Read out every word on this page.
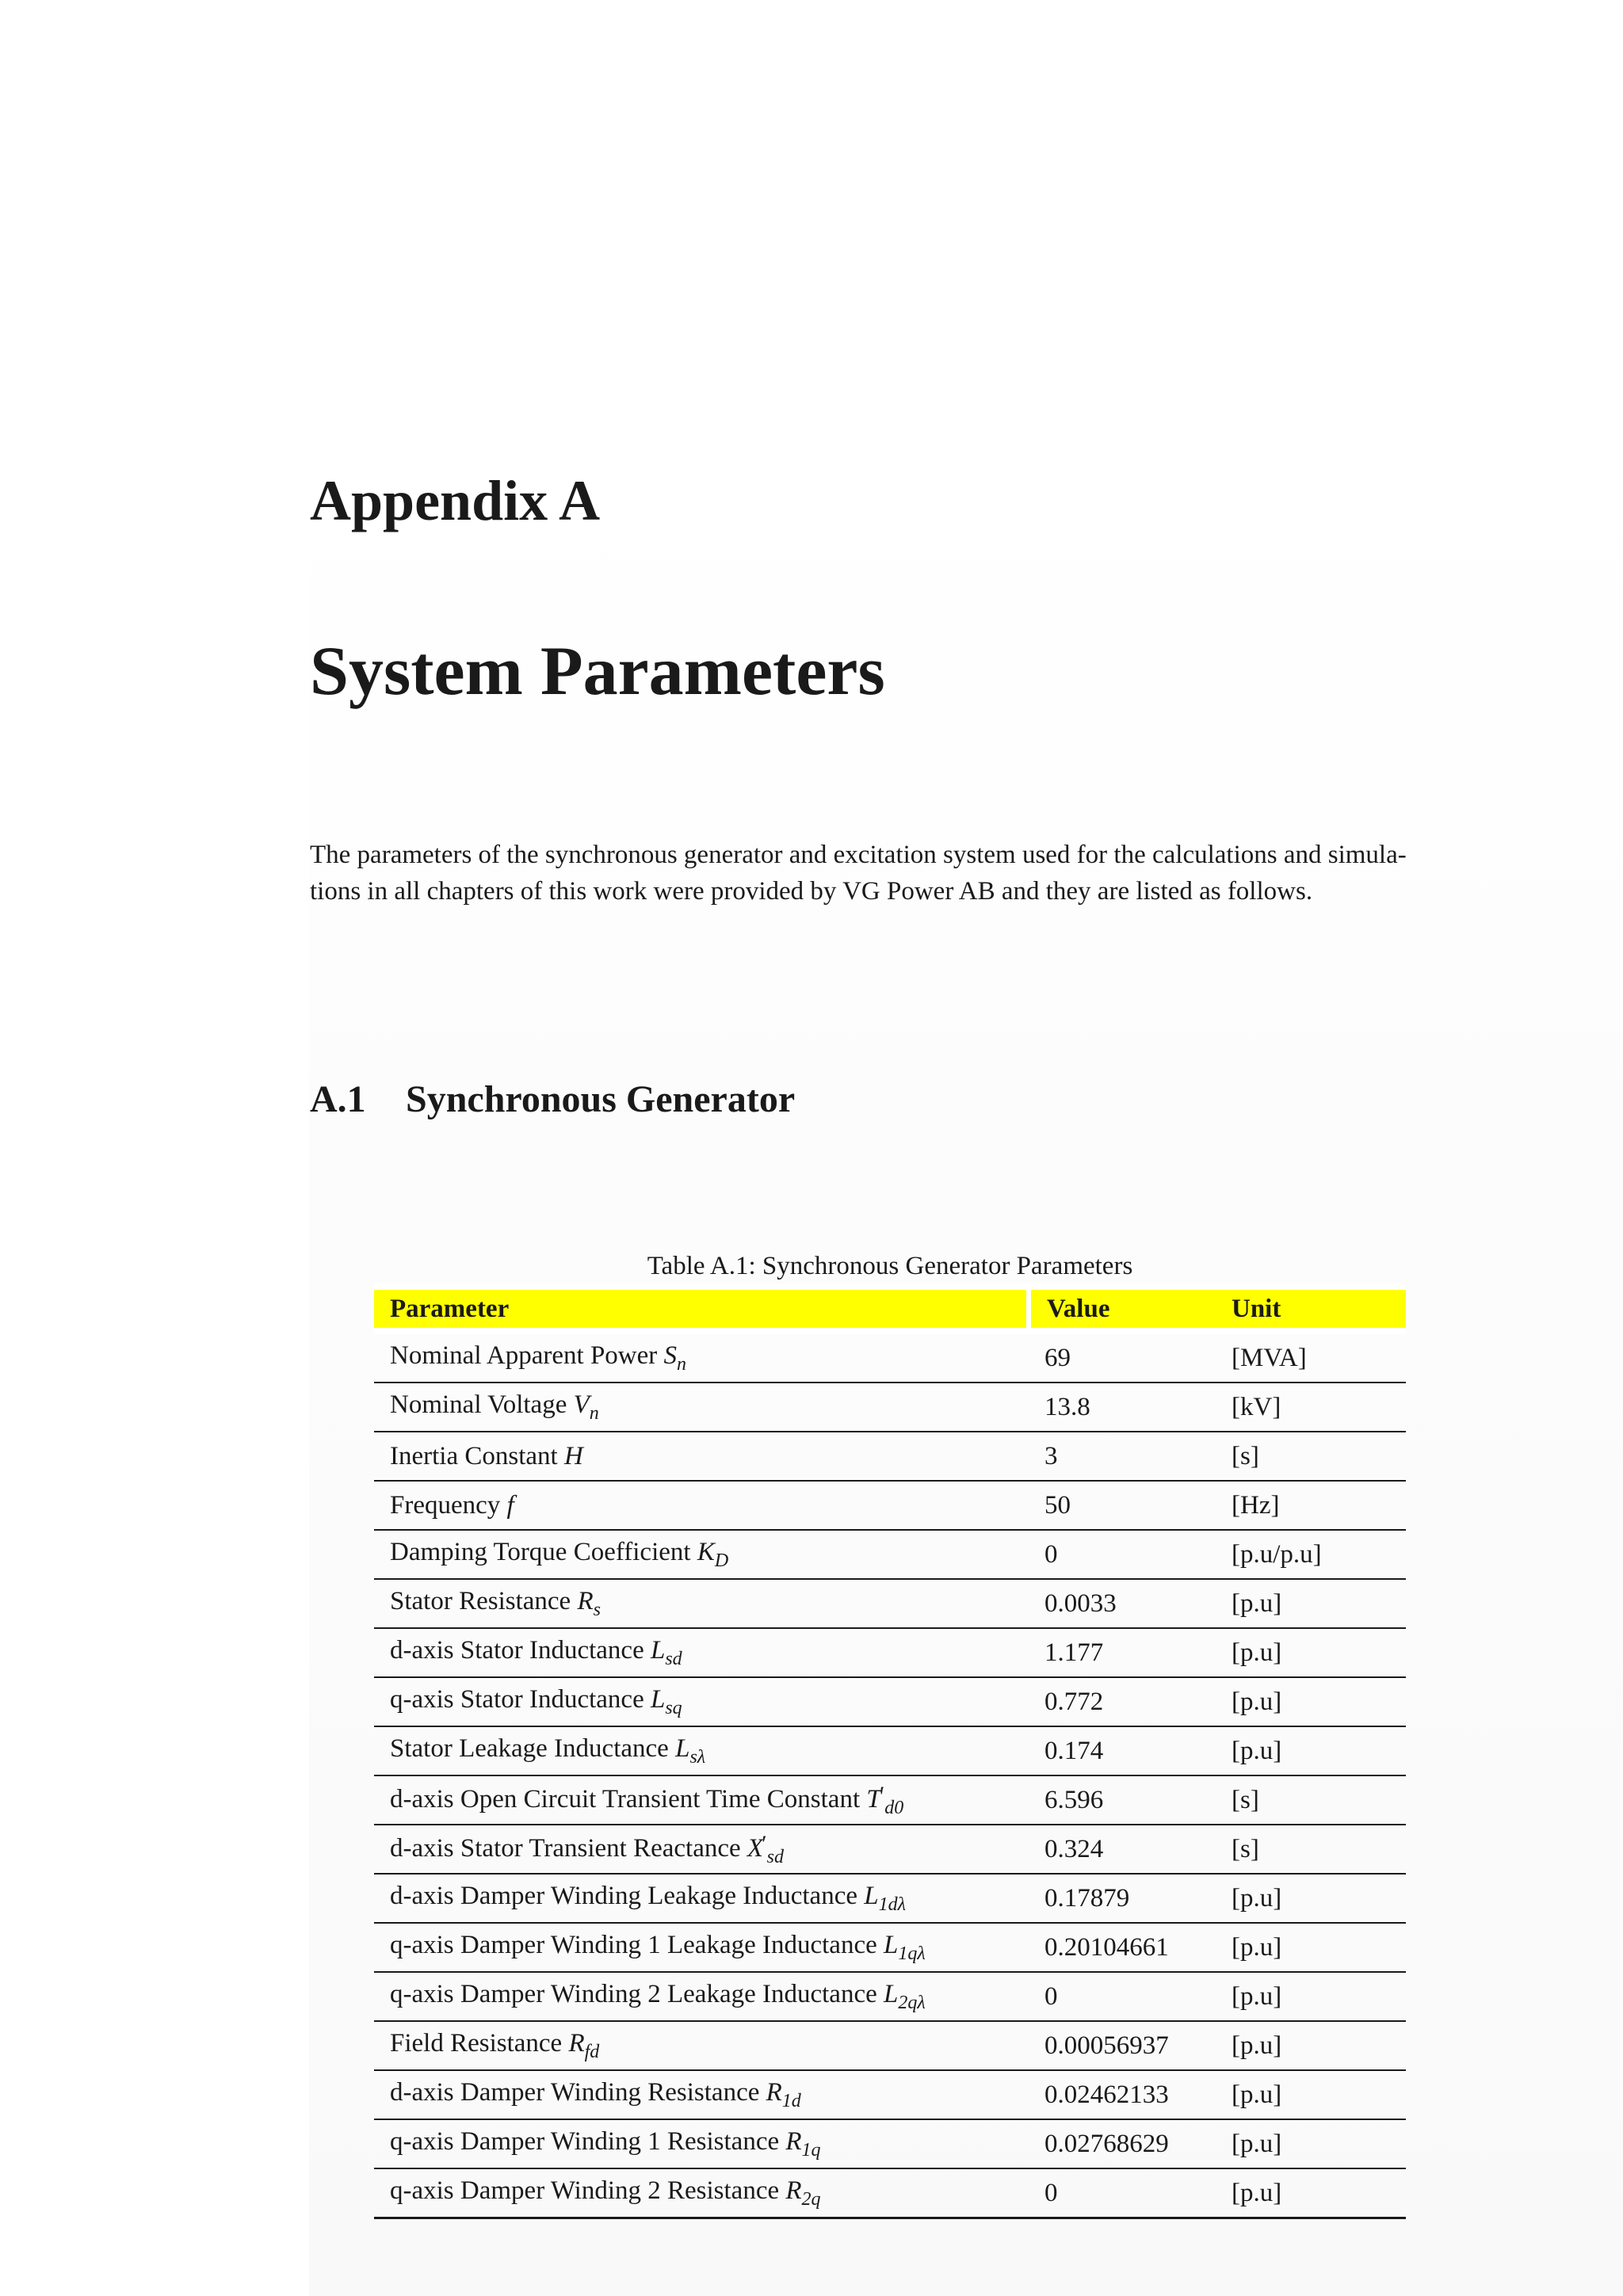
Appendix A
System Parameters

The parameters of the synchronous generator and excitation system used for the calculations and simula-
tions in all chapters of this work were provided by VG Power AB and they are listed as follows.

A.1 Synchronous Generator

Table A.1: Synchronous Generator Parameters

Parameter	Value	Unit
Nominal Apparent Power $S_n$	69	[MVA]
Nominal Voltage $V_n$	13.8	[kV]
Inertia Constant H	3	[s]
Frequency f	50	[Hz]
Damping Torque Coefficient $K_D$	0	[p.u/p.u]
Stator Resistance $R_s$	0.0033	[p.u]
d-axis Stator Inductance $L_{sd}$	1.177	[p.u]
q-axis Stator Inductance $L_{sq}$	0.772	[p.u]
Stator Leakage Inductance $L_{s\lambda}$	0.174	[p.u]
d-axis Open Circuit Transient Time Constant $T'_{d0}$	6.596	[s]
d-axis Stator Transient Reactance $X'_{sd}$	0.324	[s]
d-axis Damper Winding Leakage Inductance $L_{1d\lambda}$	0.17879	[p.u]
q-axis Damper Winding 1 Leakage Inductance $L_{1q\lambda}$	0.20104661	[p.u]
q-axis Damper Winding 2 Leakage Inductance $L_{2q\lambda}$	0	[p.u]
Field Resistance $R_{fd}$	0.00056937	[p.u]
d-axis Damper Winding Resistance $R_{1d}$	0.02462133	[p.u]
q-axis Damper Winding 1 Resistance $R_{1q}$	0.02768629	[p.u]
q-axis Damper Winding 2 Resistance $R_{2q}$	0	[p.u]
